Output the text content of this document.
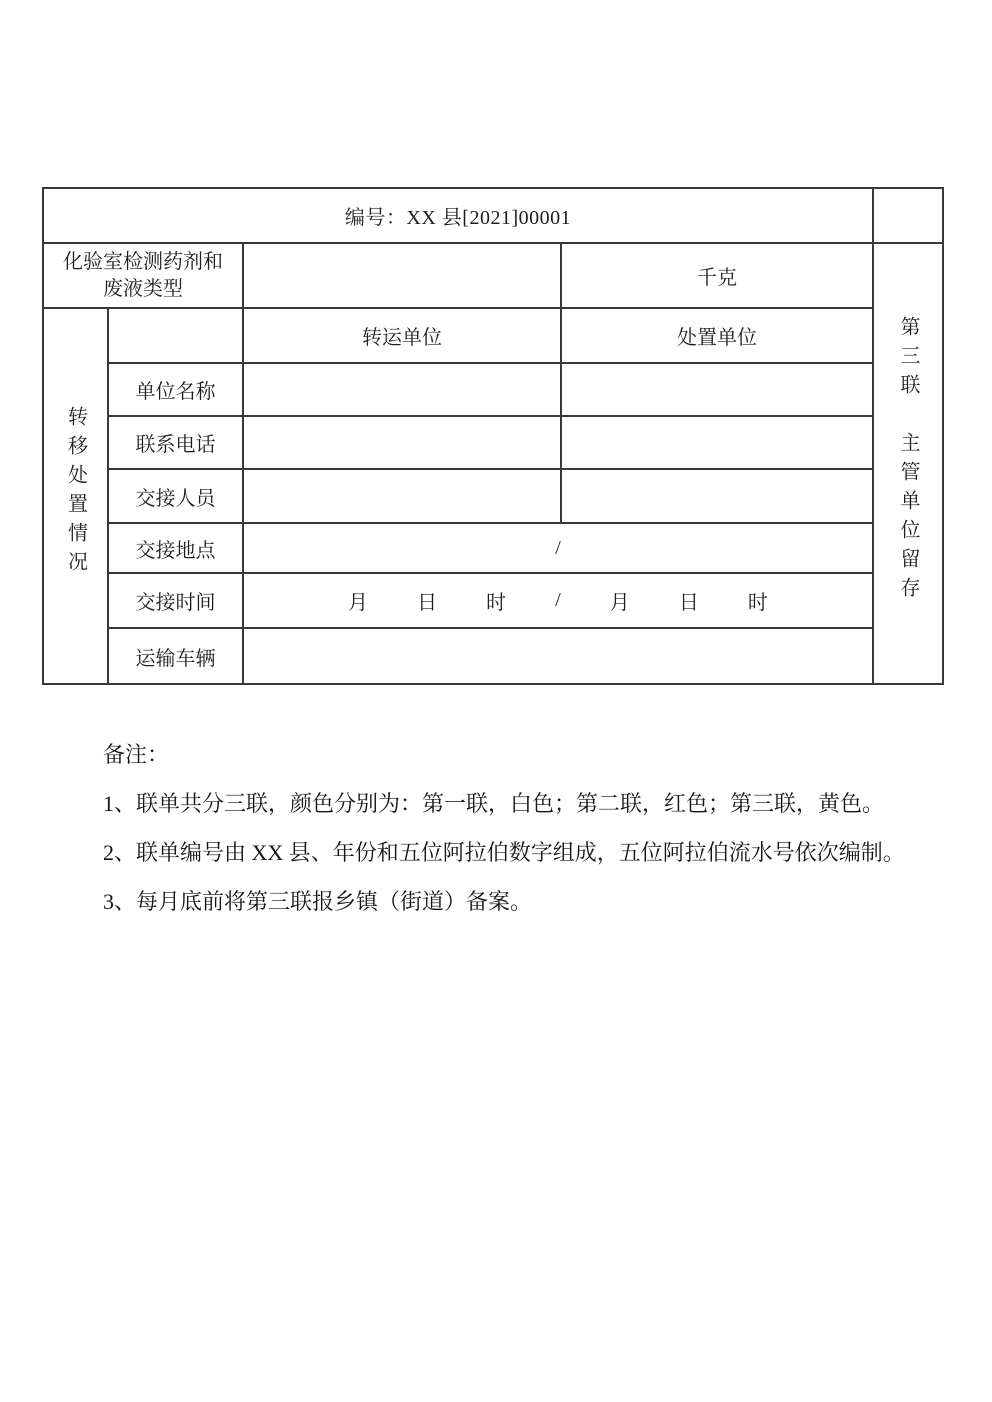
编号：XX 县[2021]00001				

化验室检测药剂和
废液类型			千克	第三联　主管单位留存
转移处置情况		转运单位	处置单位	
	单位名称			
	联系电话			
	交接人员			
	交接地点	/		
交接时间	月 日 时 / 月 日 时

	运输车辆			

备注：

1、联单共分三联，颜色分别为：第一联，白色；第二联，红色；第三联，黄色。

2、联单编号由 XX 县、年份和五位阿拉伯数字组成，五位阿拉伯流水号依次编制。

3、每月底前将第三联报乡镇（街道）备案。
